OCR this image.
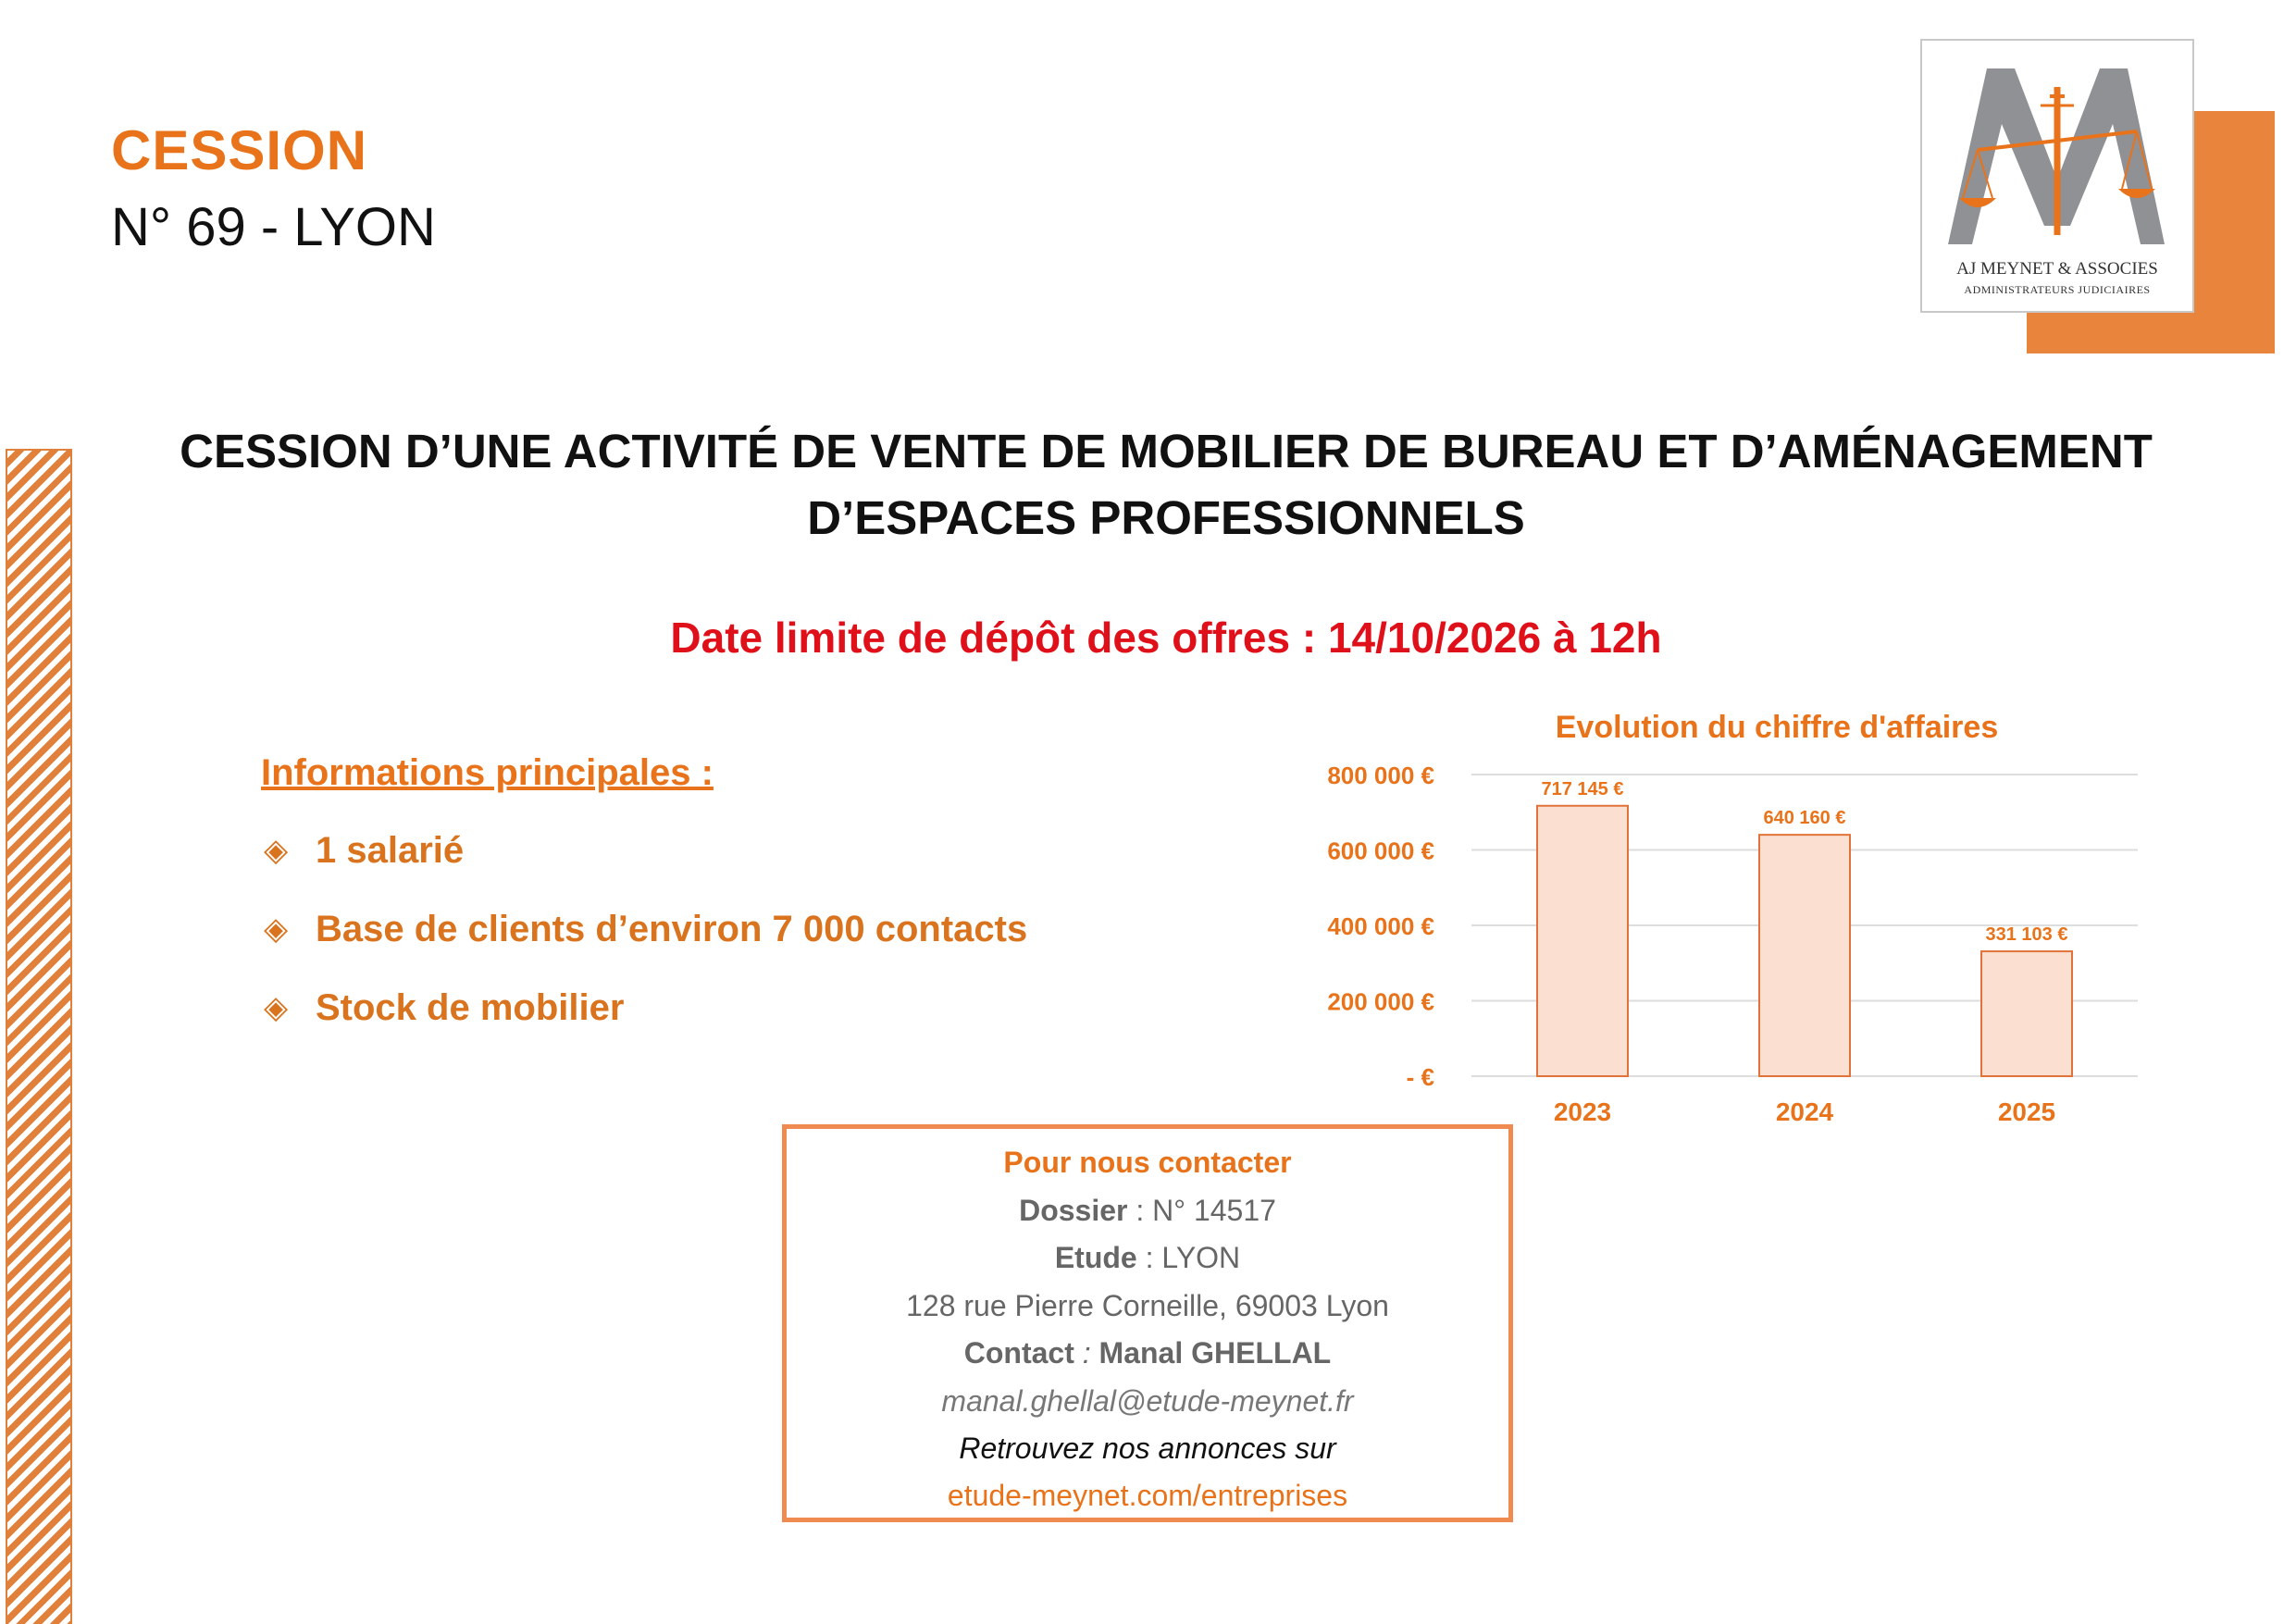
CESSION
N° 69 - LYON
AJ MEYNET & ASSOCIES
ADMINISTRATEURS JUDICIAIRES
CESSION D’UNE ACTIVITÉ DE VENTE DE MOBILIER DE BUREAU ET D’AMÉNAGEMENT
D’ESPACES PROFESSIONNELS
Date limite de dépôt des offres : 14/10/2026 à 12h
Informations principales :
◈ 1 salarié
◈ Base de clients d’environ 7 000 contacts
◈ Stock de mobilier
Evolution du chiffre d'affaires
- €
200 000 €
400 000 €
600 000 €
800 000 €	717 145 €
640 160 €
331 103 €
2023	2024	2025
Pour nous contacter
Dossier : N° 14517
Etude : LYON
128 rue Pierre Corneille, 69003 Lyon
Contact : Manal GHELLAL
manal.ghellal@etude-meynet.fr
Retrouvez nos annonces sur
etude-meynet.com/entreprises
